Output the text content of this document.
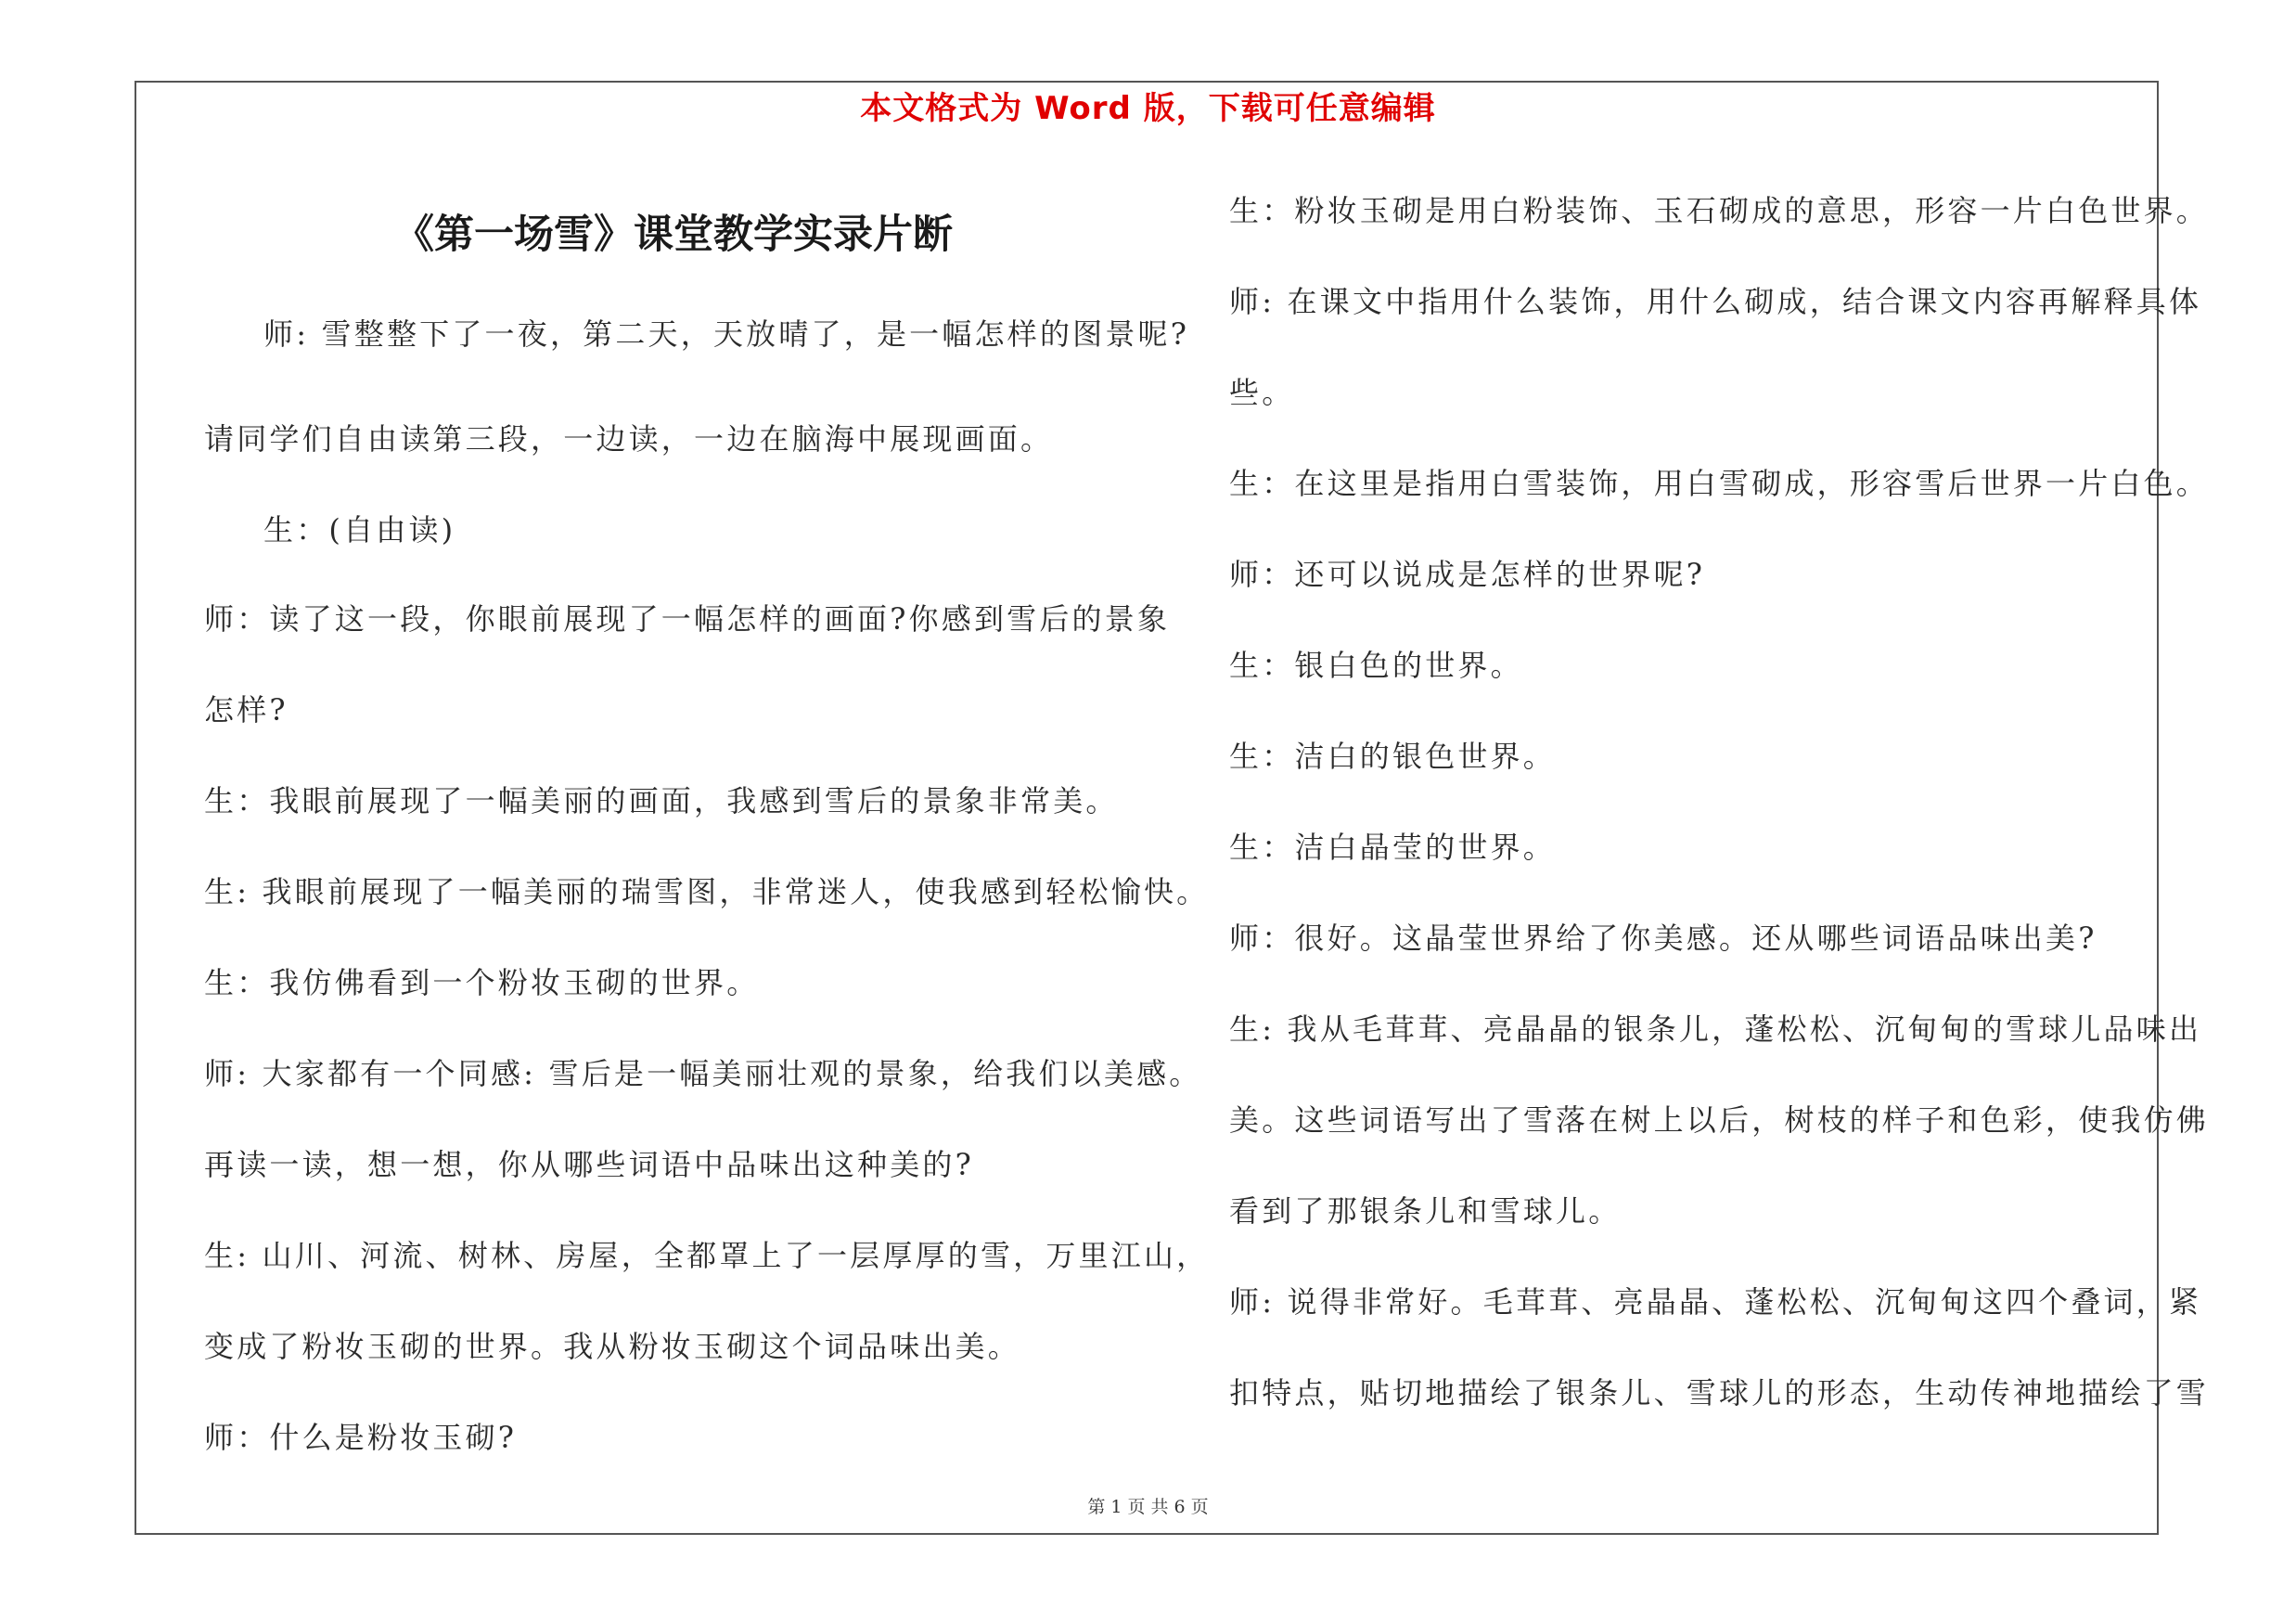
本文格式为 Word 版，下载可任意编辑
《第一场雪》课堂教学实录片断
师: 雪整整下了一夜，第二天，天放晴了，是一幅怎样的图景呢?
请同学们自由读第三段，一边读，一边在脑海中展现画面。
生：(自由读)
师：读了这一段，你眼前展现了一幅怎样的画面?你感到雪后的景象
怎样?
生：我眼前展现了一幅美丽的画面，我感到雪后的景象非常美。
生: 我眼前展现了一幅美丽的瑞雪图，非常迷人，使我感到轻松愉快。
生：我仿佛看到一个粉妆玉砌的世界。
师: 大家都有一个同感: 雪后是一幅美丽壮观的景象，给我们以美感。
再读一读，想一想，你从哪些词语中品味出这种美的?
生: 山川、河流、树林、房屋，全都罩上了一层厚厚的雪，万里江山，
变成了粉妆玉砌的世界。我从粉妆玉砌这个词品味出美。
师：什么是粉妆玉砌?
生：粉妆玉砌是用白粉装饰、玉石砌成的意思，形容一片白色世界。
师: 在课文中指用什么装饰，用什么砌成，结合课文内容再解释具体
些。
生：在这里是指用白雪装饰，用白雪砌成，形容雪后世界一片白色。
师：还可以说成是怎样的世界呢?
生：银白色的世界。
生：洁白的银色世界。
生：洁白晶莹的世界。
师：很好。这晶莹世界给了你美感。还从哪些词语品味出美?
生: 我从毛茸茸、亮晶晶的银条儿，蓬松松、沉甸甸的雪球儿品味出
美。这些词语写出了雪落在树上以后，树枝的样子和色彩，使我仿佛
看到了那银条儿和雪球儿。
师: 说得非常好。毛茸茸、亮晶晶、蓬松松、沉甸甸这四个叠词，紧
扣特点，贴切地描绘了银条儿、雪球儿的形态，生动传神地描绘了雪
第 1 页 共 6 页
